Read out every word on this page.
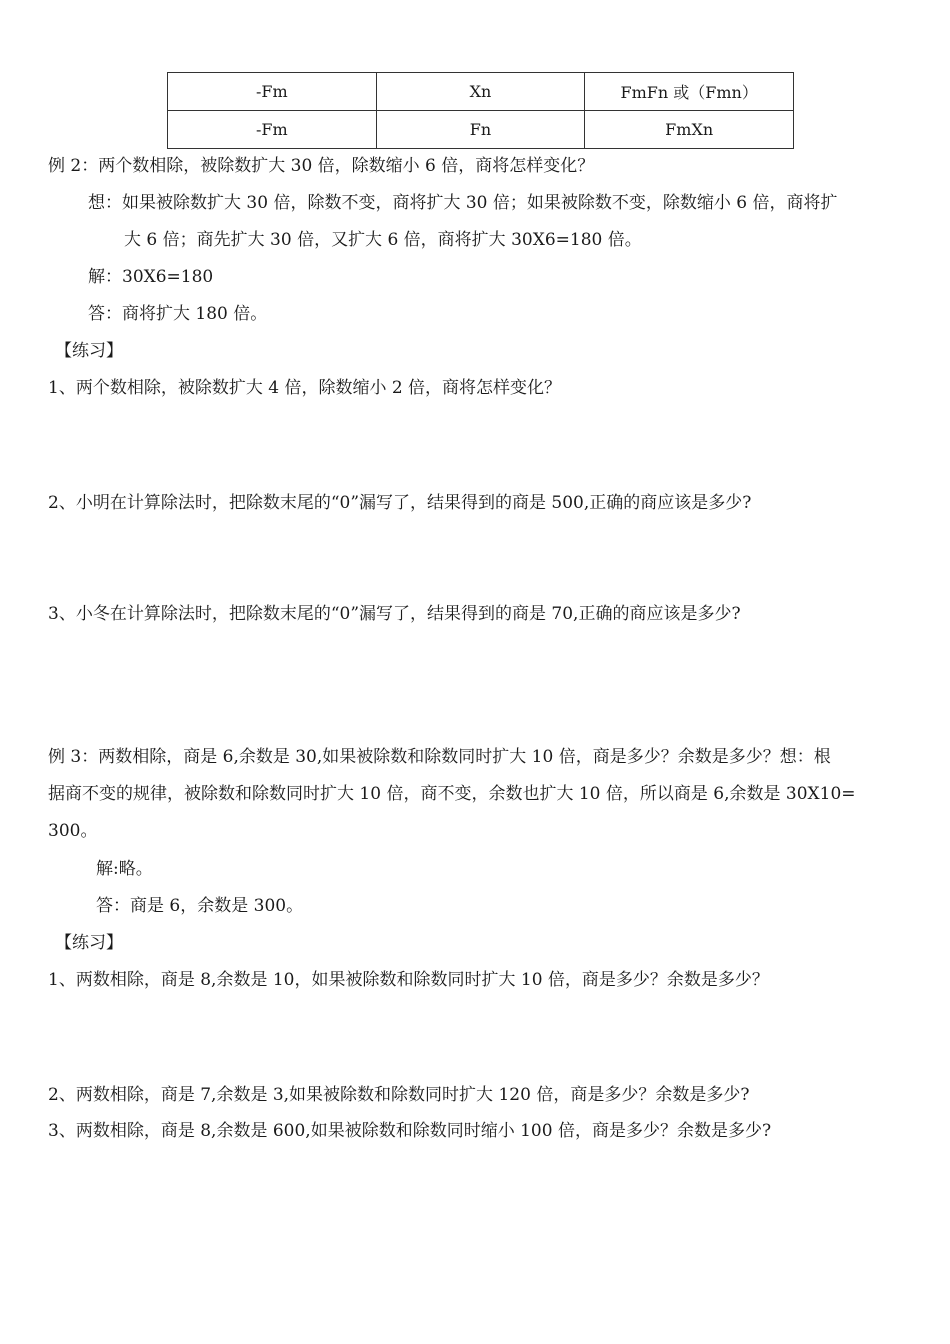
-Fm	Xn	FmFn 或（Fmn）
-Fm	Fn	FmXn
例 2：两个数相除，被除数扩大 30 倍，除数缩小 6 倍，商将怎样变化？
想：如果被除数扩大 30 倍，除数不变，商将扩大 30 倍；如果被除数不变，除数缩小 6 倍，商将扩
大 6 倍；商先扩大 30 倍，又扩大 6 倍，商将扩大 30X6=180 倍。
解：30X6=180
答：商将扩大 180 倍。
【练习】
1、两个数相除，被除数扩大 4 倍，除数缩小 2 倍，商将怎样变化？
2、小明在计算除法时，把除数末尾的“0”漏写了，结果得到的商是 500,正确的商应该是多少?
3、小冬在计算除法时，把除数末尾的“0”漏写了，结果得到的商是 70,正确的商应该是多少?
例 3：两数相除，商是 6,余数是 30,如果被除数和除数同时扩大 10 倍，商是多少？余数是多少？想：根
据商不变的规律，被除数和除数同时扩大 10 倍，商不变，余数也扩大 10 倍，所以商是 6,余数是 30X10=
300。
解:略。
答：商是 6，余数是 300。
【练习】
1、两数相除，商是 8,余数是 10，如果被除数和除数同时扩大 10 倍，商是多少？余数是多少？
2、两数相除，商是 7,余数是 3,如果被除数和除数同时扩大 120 倍，商是多少？余数是多少?
3、两数相除，商是 8,余数是 600,如果被除数和除数同时缩小 100 倍，商是多少？余数是多少?
